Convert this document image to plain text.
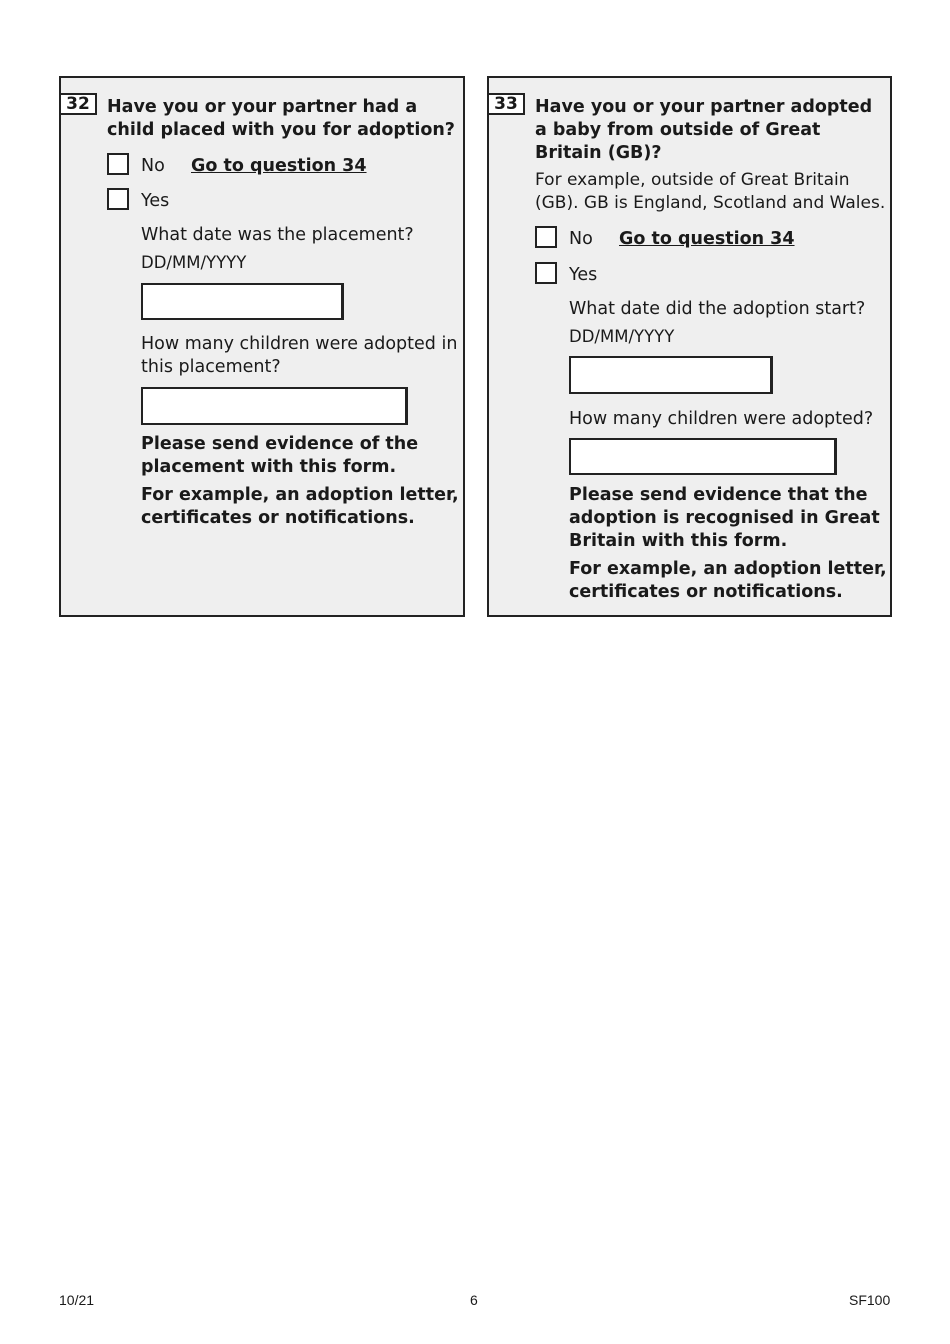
32 Have you or your partner had a child placed with you for adoption?

No Go to question 34
Yes

What date was the placement?

DD/MM/YYYY

How many children were adopted in this placement?

Please send evidence of the placement with this form.

For example, an adoption letter, certificates or notifications.

33 Have you or your partner adopted a baby from outside of Great Britain (GB)?

For example, outside of Great Britain (GB). GB is England, Scotland and Wales.

No Go to question 34
Yes

What date did the adoption start?

DD/MM/YYYY

How many children were adopted?

Please send evidence that the adoption is recognised in Great Britain with this form.

For example, an adoption letter, certificates or notifications.

10/21	6	SF100
